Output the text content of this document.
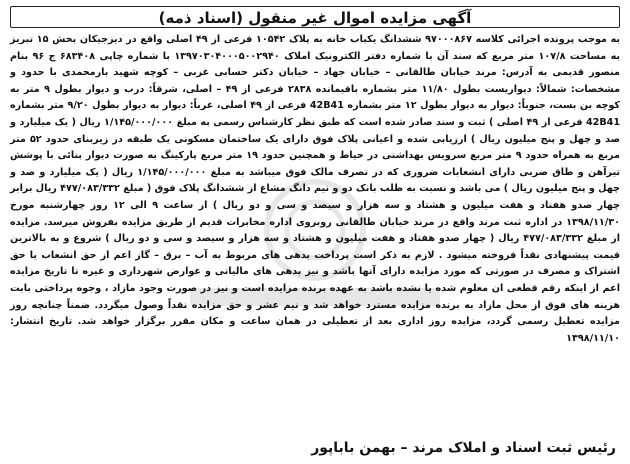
آگهی مزایده اموال غیر منقول (اسناد ذمه)

به موجب پرونده اجرائی کلاسه ۹۷۰۰۰۸۶۷ ششدانگ یکباب خانه به پلاک ۱۰۵۴۲ فرعی از ۴۹ اصلی واقع در دیزجیکان بخش ۱۵ تبریز به مساحت ۱۰۷/۸ متر مربع که سند آن با شماره دفتر الکترونیک املاک ۱۳۹۷۰۳۰۴۰۰۰۵۰۰۲۹۴۰ با شماره چاپی ۶۸۳۴۰۸ ج ۹۶ بنام منصور قدیمی به آدرس: مرند خیابان طالقانی – خیابان جهاد – خیابان دکتر حسابی غربی – کوچه شهید بارمحمدی با حدود و مشخصات: شمالاً: دیواریست بطول ۱۱/۸۰ متر بشماره باقیمانده ۲۸۳۸ فرعی از ۴۹ – اصلی، شرقاً: درب و دیوار بطول ۹ متر به کوچه بن بست، جنوباً: دیوار به دیوار بطول ۱۲ متر بشماره 42B41 فرعی از ۴۹ اصلی، غرباً: دیوار به دیوار بطول ۹/۲۰ متر بشماره 42B41 فرعی از ۴۹ اصلی ) ثبت و سند صادر شده است که طبق نظر کارشناس رسمی به مبلغ ۱/۱۴۵/۰۰۰/۰۰۰ ریال ( یک میلیارد و صد و چهل و پنج میلیون ریال ) ارزیابی شده و اعیانی پلاک فوق دارای یک ساختمان مسکونی یک طبقه در زیربنای حدود ۵۲ متر مربع به همراه حدود ۹ متر مربع سرویس بهداشتی در حیاط و همچنین حدود ۱۹ متر مربع پارکینگ به صورت دیوار بنائی با پوشش تیرآهن و طاق ضربی دارای انشعابات ضروری که در تصرف مالک فوق میباشد به مبلغ ۱/۱۴۵/۰۰۰/۰۰۰ ریال ( یک میلیارد و صد و چهل و پنج میلیون ریال ) می باشد و نسبت به طلب بانک دو و نیم دانگ مشاع از ششدانگ پلاک فوق ( مبلغ ۴۷۷/۰۸۳/۳۳۲ ریال برابر چهار صدو هفتاد و هفت میلیون و هشتاد و سه هزار و سیصد و سی و دو ریال ) از ساعت ۹ الی ۱۲ روز چهارشنبه مورخ ۱۳۹۸/۱۱/۳۰ در اداره ثبت مرند واقع در مرند خیابان طالقانی روبروی اداره مخابرات قدیم از طریق مزایده بفروش میرسد. مزایده از مبلغ ۴۷۷/۰۸۳/۳۳۲ ریال ( چهار صدو هفتاد و هفت میلیون و هشتاد و سه هزار و سیصد و سی و دو ریال ) شروع و به بالاترین قیمت پیشنهادی نقداً فروخته میشود . لازم به ذکر است پرداخت بدهی های مربوط به آب – برق – گاز اعم از حق انشعاب یا حق اشتراک و مصرف در صورتی که مورد مزایده دارای آنها باشد و نیز بدهی های مالیاتی و عوارض شهرداری و غیره تا تاریخ مزایده اعم از اینکه رقم قطعی ان معلوم شده یا نشده باشد به عهده برنده مزایده است و نیز در صورت وجود مازاد ، وجوه پرداختی بابت هزینه های فوق از محل مازاد به برنده مزایده مسترد خواهد شد و نیم عشر و حق مزایده نقداً وصول میگردد. ضمناً چنانچه روز مزایده تعطیل رسمی گردد، مزایده روز اداری بعد از تعطیلی در همان ساعت و مکان مقرر برگزار خواهد شد. تاریخ انتشار: ۱۳۹۸/۱۱/۱۰

رئیس ثبت اسناد و املاک مرند – بهمن باباپور
